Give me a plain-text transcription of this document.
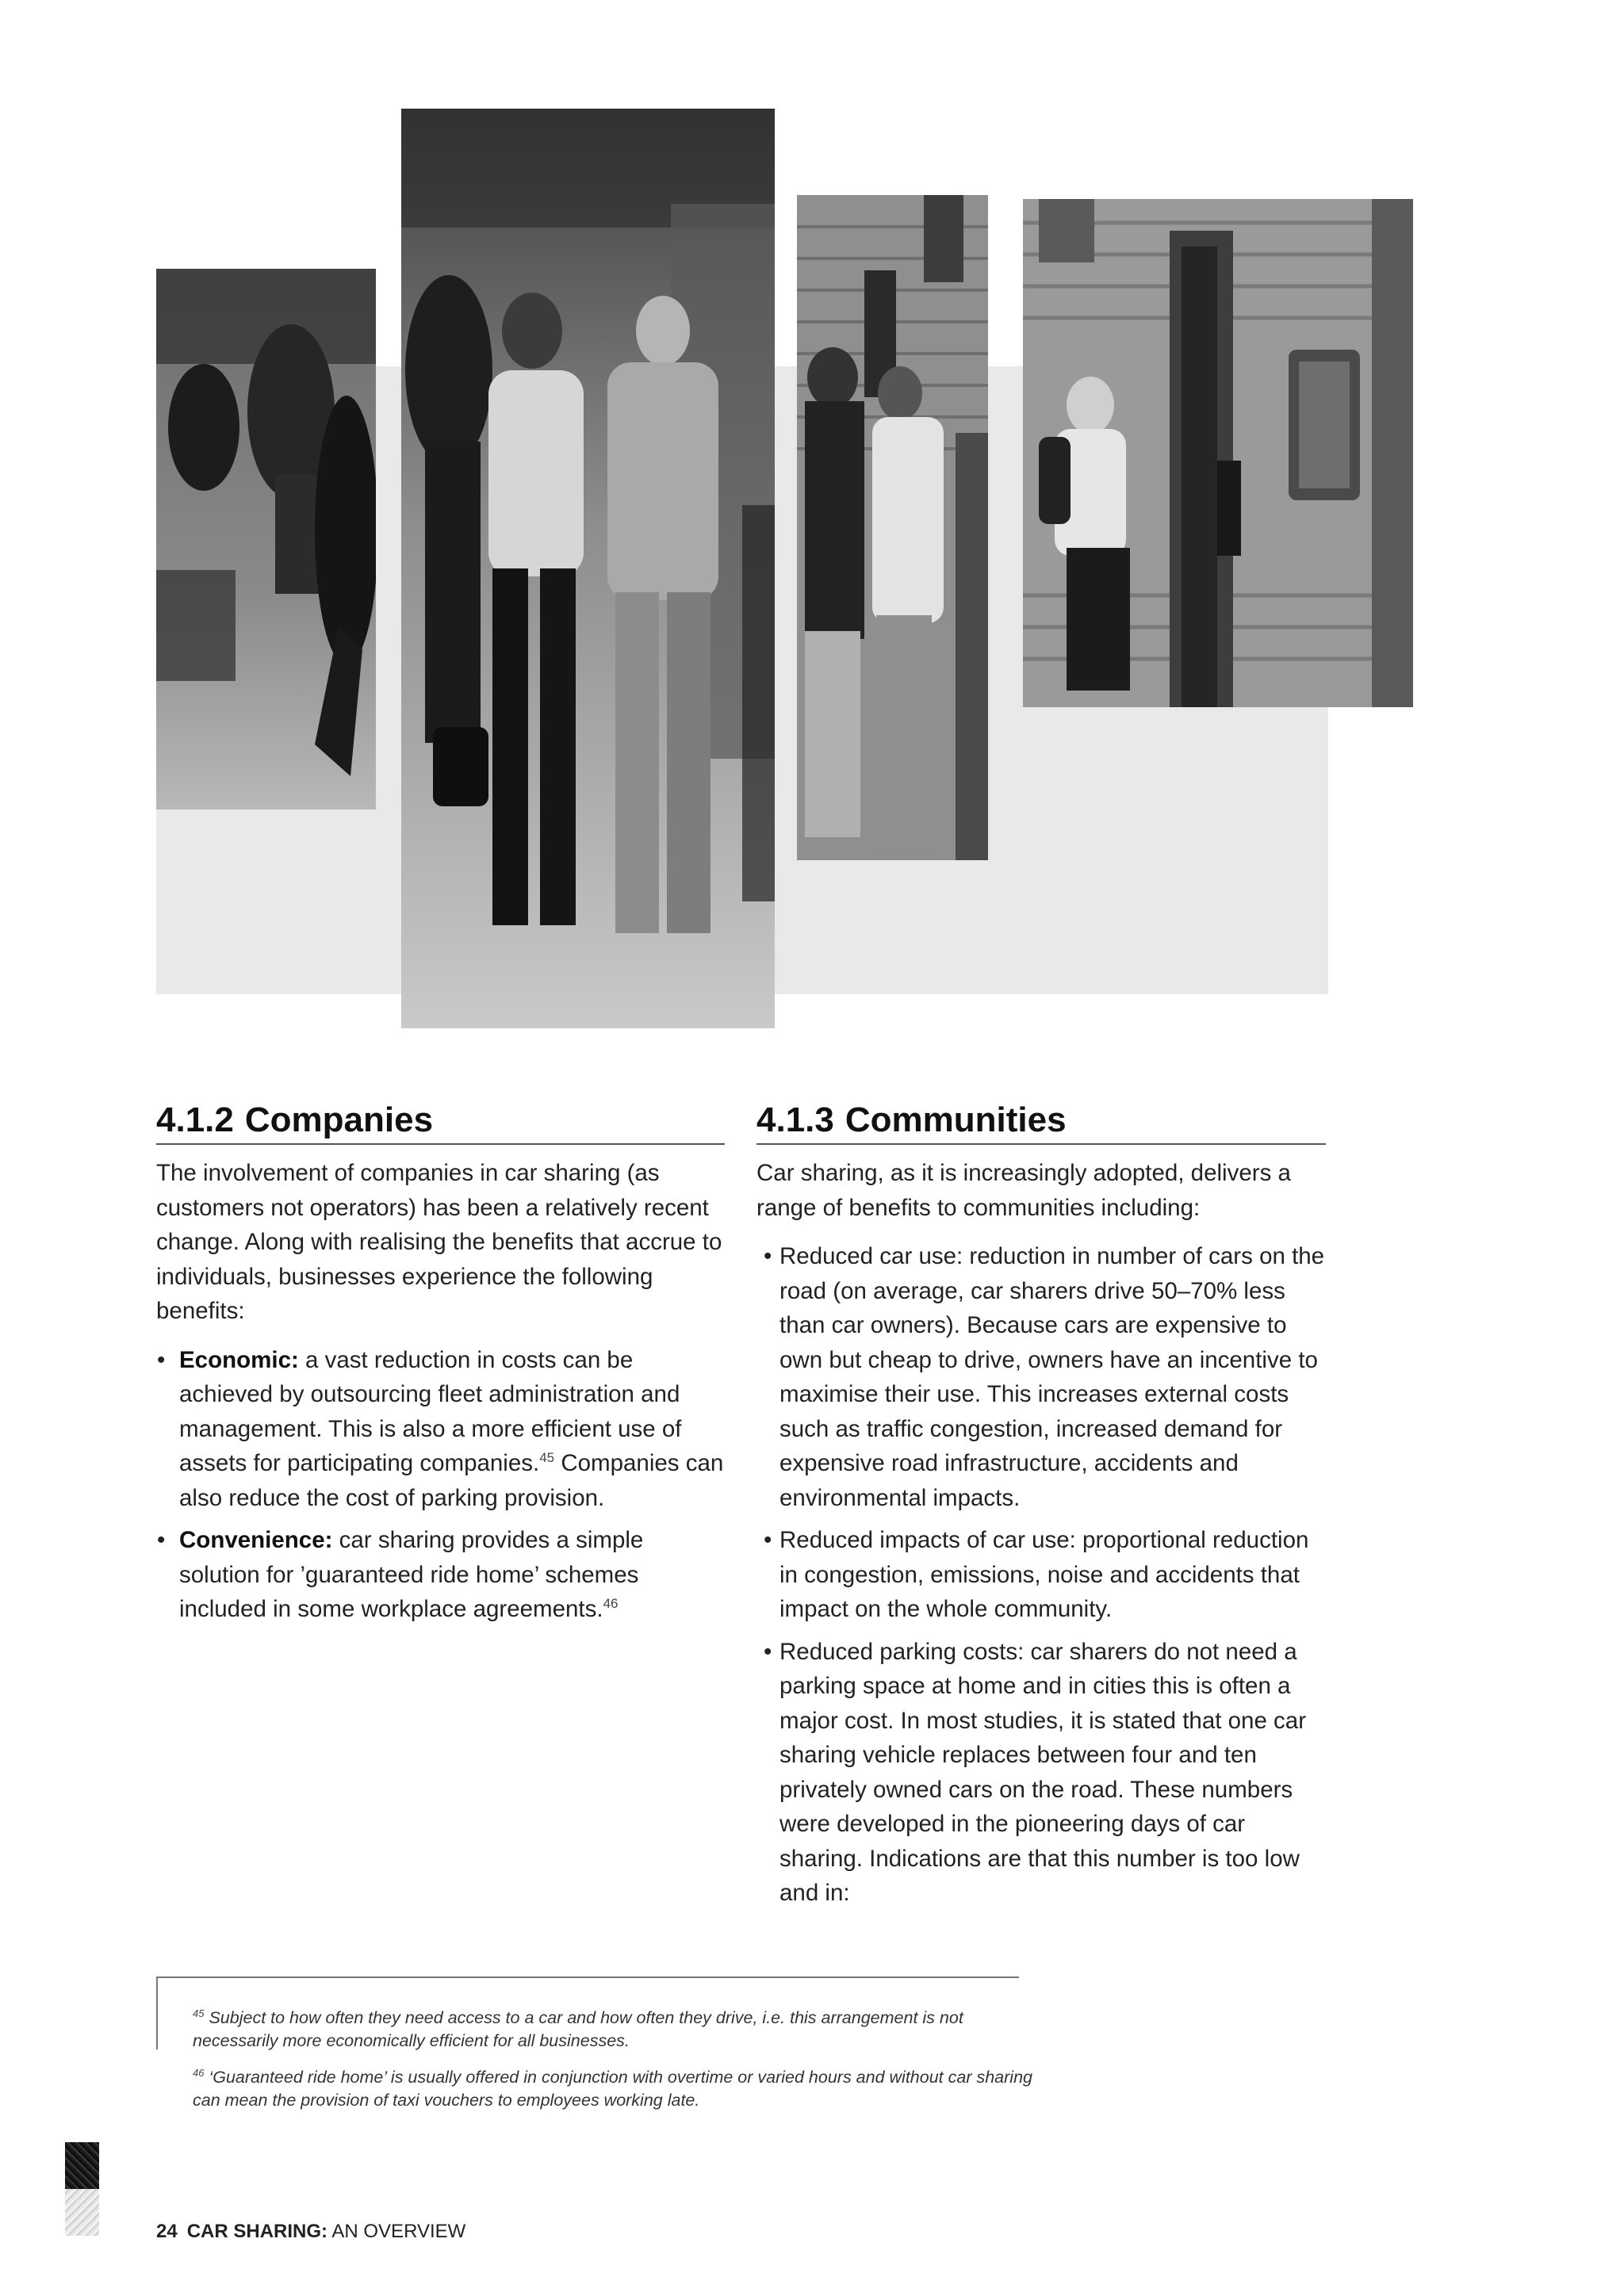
4.1.2 Companies

The involvement of companies in car sharing (as customers not operators) has been a relatively recent change. Along with realising the benefits that accrue to individuals, businesses experience the following benefits:

• Economic: a vast reduction in costs can be achieved by outsourcing fleet administration and management. This is also a more efficient use of assets for participating companies.$^{45}$ Companies can also reduce the cost of parking provision.
• Convenience: car sharing provides a simple solution for ’guaranteed ride home’ schemes included in some workplace agreements.$^{46}$
4.1.3 Communities

Car sharing, as it is increasingly adopted, delivers a range of benefits to communities including:

• Reduced car use: reduction in number of cars on the road (on average, car sharers drive 50–70% less than car owners). Because cars are expensive to own but cheap to drive, owners have an incentive to maximise their use. This increases external costs such as traffic congestion, increased demand for expensive road infrastructure, accidents and environmental impacts.
• Reduced impacts of car use: proportional reduction in congestion, emissions, noise and accidents that impact on the whole community.
• Reduced parking costs: car sharers do not need a parking space at home and in cities this is often a major cost. In most studies, it is stated that one car sharing vehicle replaces between four and ten privately owned cars on the road. These numbers were developed in the pioneering days of car sharing. Indications are that this number is too low and in:

$^{45}$ Subject to how often they need access to a car and how often they drive, i.e. this arrangement is not necessarily more economically efficient for all businesses.

$^{46}$ ‘Guaranteed ride home’ is usually offered in conjunction with overtime or varied hours and without car sharing can mean the provision of taxi vouchers to employees working late.

24 CAR SHARING: AN OVERVIEW
